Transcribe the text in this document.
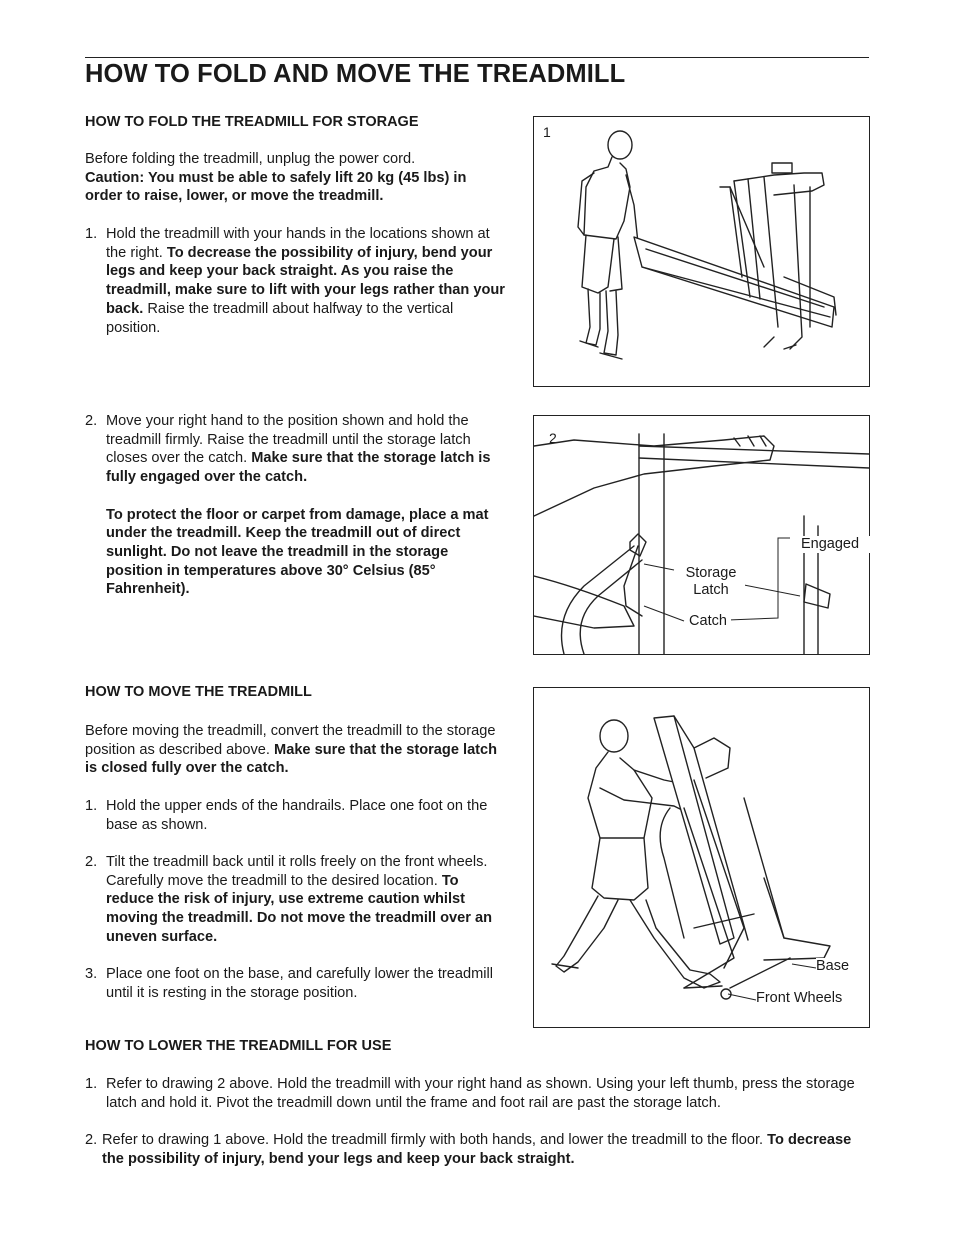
HOW TO FOLD AND MOVE THE TREADMILL
HOW TO FOLD THE TREADMILL FOR STORAGE

Before folding the treadmill, unplug the power cord.
Caution: You must be able to safely lift 20 kg (45 lbs) in order to raise, lower, or move the treadmill.

1. Hold the treadmill with your hands in the locations shown at the right. To decrease the possibility of injury, bend your legs and keep your back straight. As you raise the treadmill, make sure to lift with your legs rather than your back. Raise the treadmill about halfway to the vertical position.
2. Move your right hand to the position shown and hold the treadmill firmly. Raise the treadmill until the storage latch closes over the catch. Make sure that the storage latch is fully engaged over the catch.
To protect the floor or carpet from damage, place a mat under the treadmill. Keep the treadmill out of direct sunlight. Do not leave the treadmill in the storage position in temperatures above 30° Celsius (85° Fahrenheit).
HOW TO MOVE THE TREADMILL

Before moving the treadmill, convert the treadmill to the storage position as described above. Make sure that the storage latch is closed fully over the catch.

1. Hold the upper ends of the handrails. Place one foot on the base as shown.
2. Tilt the treadmill back until it rolls freely on the front wheels. Carefully move the treadmill to the desired location. To reduce the risk of injury, use extreme caution whilst moving the treadmill. Do not move the treadmill over an uneven surface.
3. Place one foot on the base, and carefully lower the treadmill until it is resting in the storage position.
HOW TO LOWER THE TREADMILL FOR USE
1. Refer to drawing 2 above. Hold the treadmill with your right hand as shown. Using your left thumb, press the storage latch and hold it. Pivot the treadmill down until the frame and foot rail are past the storage latch.
2. Refer to drawing 1 above. Hold the treadmill firmly with both hands, and lower the treadmill to the floor. To decrease the possibility of injury, bend your legs and keep your back straight.
1
2
Engaged
Storage
Latch
Catch
Base
Front Wheels
